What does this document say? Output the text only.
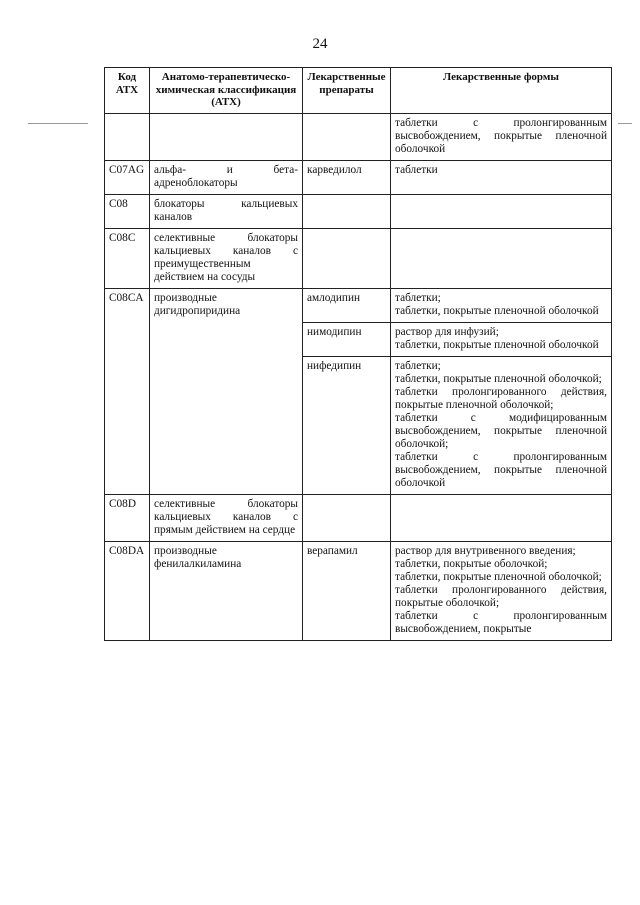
24
Код АТХ	Анатомо-терапевтическо-химическая классификация (АТХ)	Лекарственные препараты	Лекарственные формы

			таблетки с пролонгированным высвобождением, покрытые пленочной оболочкой

C07AG	альфа- и бета-адреноблокаторы	карведилол	таблетки

C08	блокаторы кальциевых каналов		
C08C	селективные блокаторы кальциевых каналов с преимущественным действием на сосуды		
C08CA	производные дигидропиридина	амлодипин	таблетки;
таблетки, покрытые пленочной оболочкой

		нимодипин	раствор для инфузий;
таблетки, покрытые пленочной оболочкой

		нифедипин	таблетки;
таблетки, покрытые пленочной оболочкой;
таблетки пролонгированного действия, покрытые пленочной оболочкой;
таблетки с модифицированным высвобождением, покрытые пленочной оболочкой;
таблетки с пролонгированным высвобождением, покрытые пленочной оболочкой

C08D	селективные блокаторы кальциевых каналов с прямым действием на сердце		
C08DA	производные фенилалкиламина	верапамил	раствор для внутривенного введения;
таблетки, покрытые оболочкой;
таблетки, покрытые пленочной оболочкой;
таблетки пролонгированного действия, покрытые оболочкой;
таблетки с пролонгированным высвобождением, покрытые
